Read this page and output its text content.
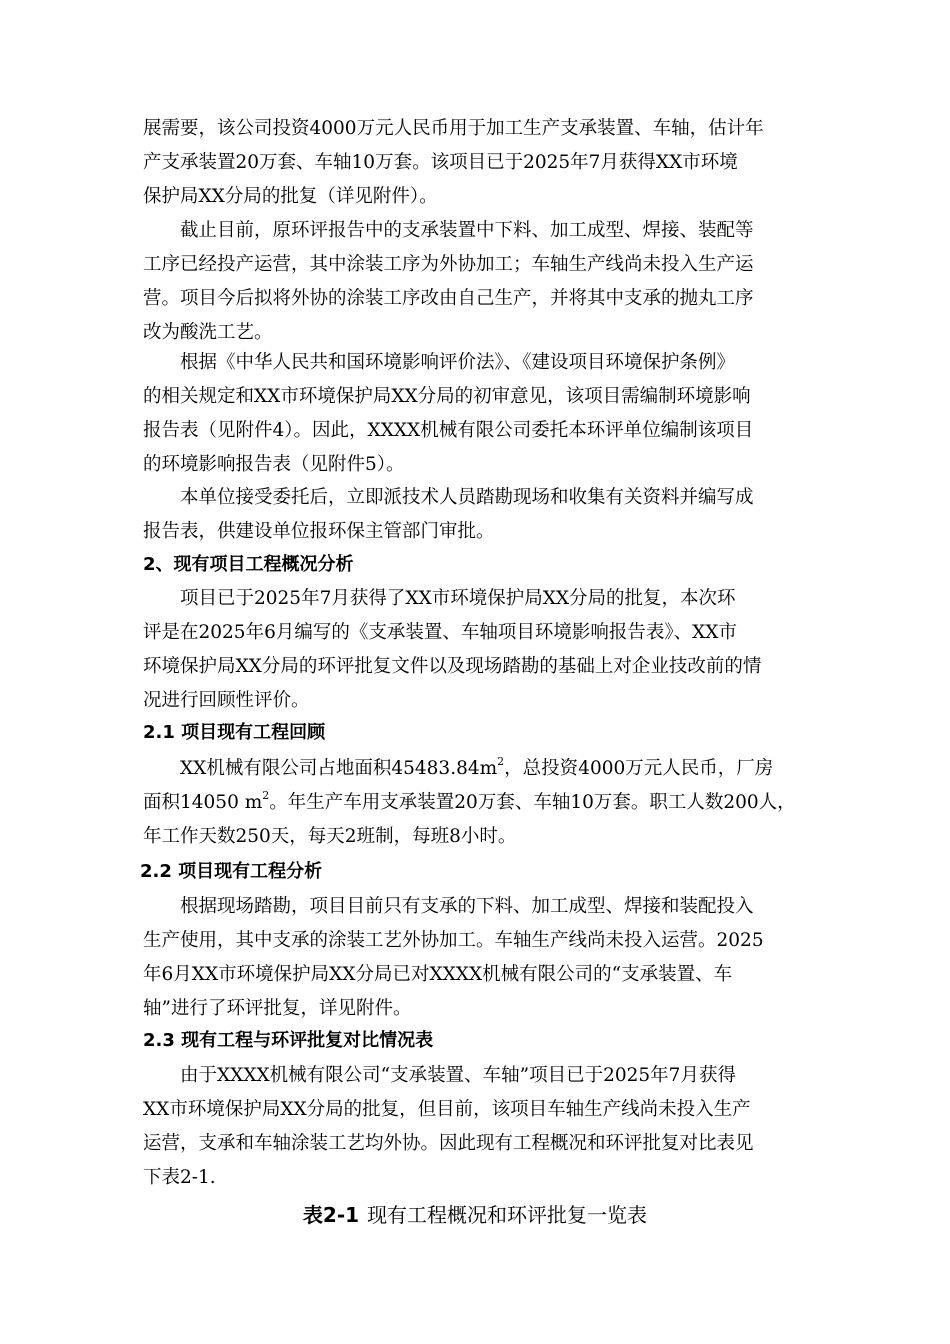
展需要，该公司投资4000万元人民币用于加工生产支承装置、车轴，估计年
产支承装置20万套、车轴10万套。该项目已于2025年7月获得XX市环境
保护局XX分局的批复（详见附件）。
截止目前，原环评报告中的支承装置中下料、加工成型、焊接、装配等
工序已经投产运营，其中涂装工序为外协加工；车轴生产线尚未投入生产运
营。项目今后拟将外协的涂装工序改由自己生产，并将其中支承的抛丸工序
改为酸洗工艺。
根据《中华人民共和国环境影响评价法》、《建设项目环境保护条例》
的相关规定和XX市环境保护局XX分局的初审意见，该项目需编制环境影响
报告表（见附件4）。因此，XXXX机械有限公司委托本环评单位编制该项目
的环境影响报告表（见附件5）。
本单位接受委托后，立即派技术人员踏勘现场和收集有关资料并编写成
报告表，供建设单位报环保主管部门审批。

2、现有项目工程概况分析

项目已于2025年7月获得了XX市环境保护局XX分局的批复，本次环
评是在2025年6月编写的《支承装置、车轴项目环境影响报告表》、XX市
环境保护局XX分局的环评批复文件以及现场踏勘的基础上对企业技改前的情
况进行回顾性评价。

2.1 项目现有工程回顾

XX机械有限公司占地面积$45483.84m^2$，总投资4000万元人民币，厂房
面积14050 $m^2$。年生产车用支承装置20万套、车轴10万套。职工人数200人，
年工作天数250天，每天2班制，每班8小时。

2.2 项目现有工程分析

根据现场踏勘，项目目前只有支承的下料、加工成型、焊接和装配投入
生产使用，其中支承的涂装工艺外协加工。车轴生产线尚未投入运营。2025
年6月XX市环境保护局XX分局已对XXXX机械有限公司的“支承装置、车
轴”进行了环评批复，详见附件。

2.3 现有工程与环评批复对比情况表

由于XXXX机械有限公司“支承装置、车轴”项目已于2025年7月获得
XX市环境保护局XX分局的批复，但目前，该项目车轴生产线尚未投入生产
运营，支承和车轴涂装工艺均外协。因此现有工程概况和环评批复对比表见
下表2-1.

表2-1 现有工程概况和环评批复一览表
